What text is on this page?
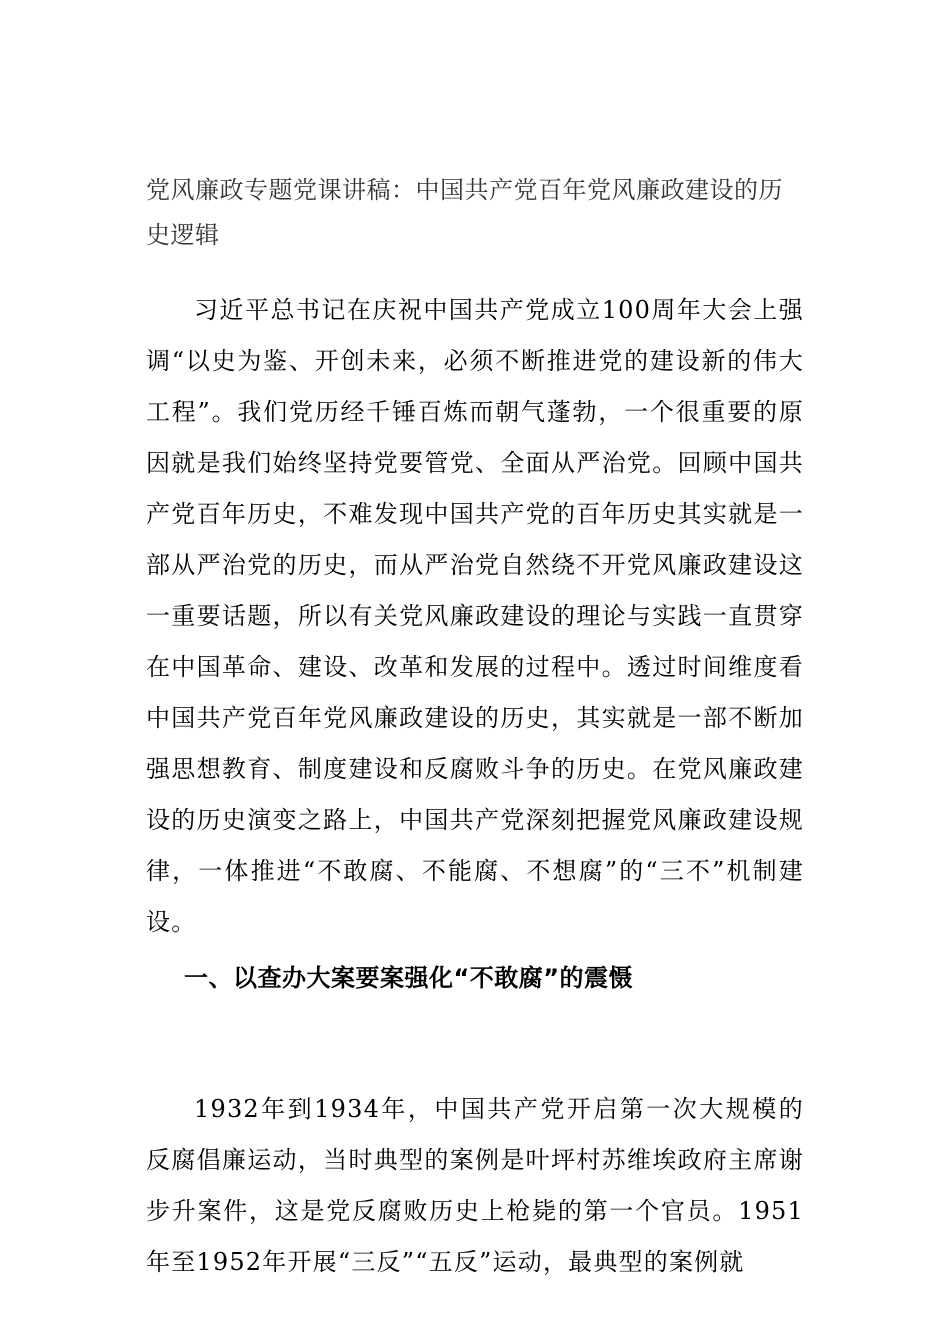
党风廉政专题党课讲稿：中国共产党百年党风廉政建设的历史逻辑

习近平总书记在庆祝中国共产党成立100周年大会上强调“以史为鉴、开创未来，必须不断推进党的建设新的伟大工程”。我们党历经千锤百炼而朝气蓬勃，一个很重要的原因就是我们始终坚持党要管党、全面从严治党。回顾中国共产党百年历史，不难发现中国共产党的百年历史其实就是一部从严治党的历史，而从严治党自然绕不开党风廉政建设这一重要话题，所以有关党风廉政建设的理论与实践一直贯穿在中国革命、建设、改革和发展的过程中。透过时间维度看中国共产党百年党风廉政建设的历史，其实就是一部不断加强思想教育、制度建设和反腐败斗争的历史。在党风廉政建设的历史演变之路上，中国共产党深刻把握党风廉政建设规律，一体推进“不敢腐、不能腐、不想腐”的“三不”机制建设。

一、以查办大案要案强化“不敢腐”的震慑

1932年到1934年，中国共产党开启第一次大规模的反腐倡廉运动，当时典型的案例是叶坪村苏维埃政府主席谢步升案件，这是党反腐败历史上枪毙的第一个官员。1951年至1952年开展“三反”“五反”运动，最典型的案例就
